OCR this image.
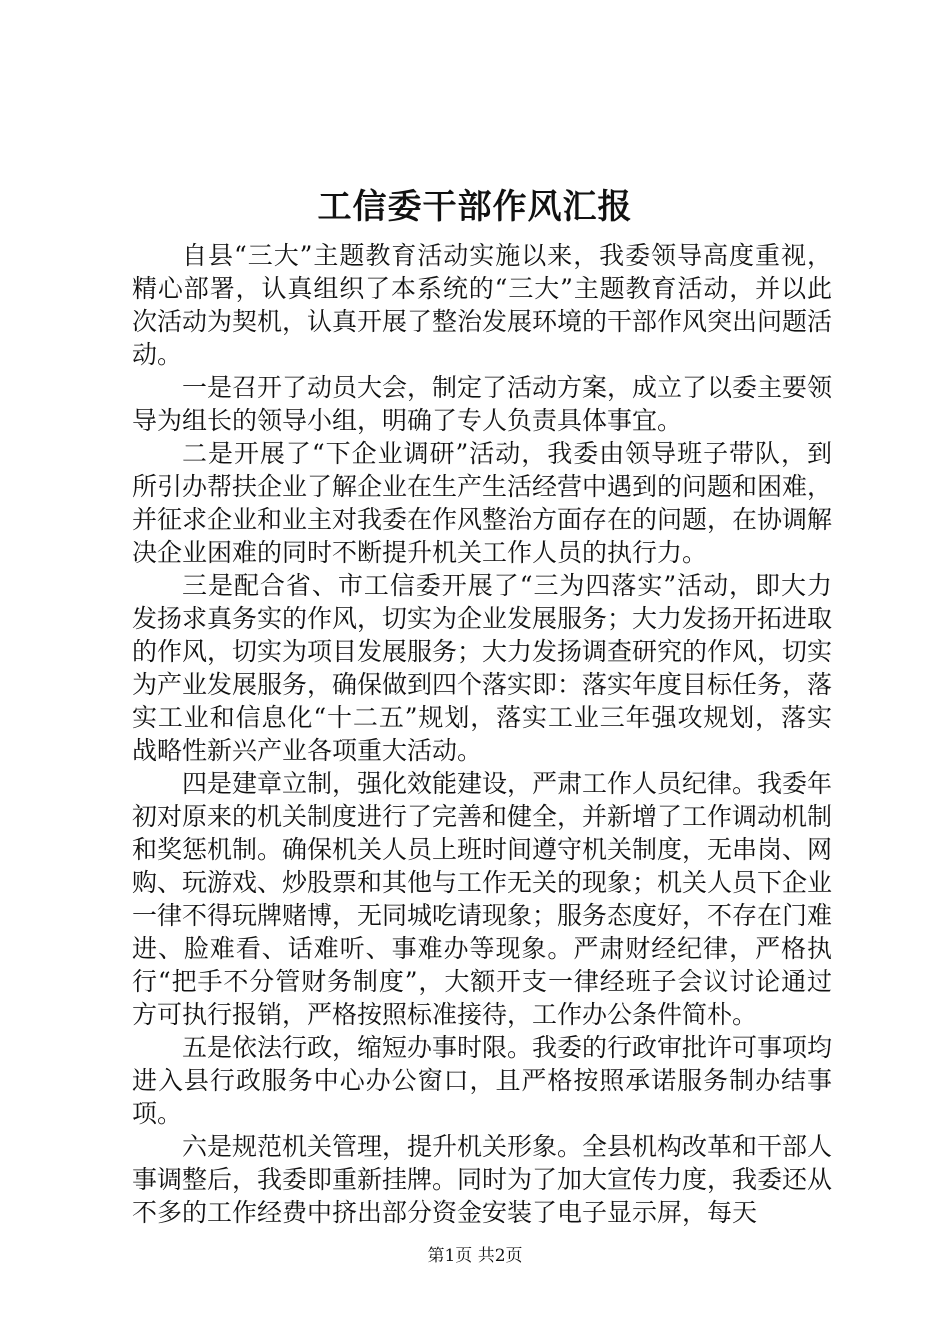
工信委干部作风汇报

自县“三大”主题教育活动实施以来，我委领导高度重视，精心部署，认真组织了本系统的“三大”主题教育活动，并以此次活动为契机，认真开展了整治发展环境的干部作风突出问题活动。

一是召开了动员大会，制定了活动方案，成立了以委主要领导为组长的领导小组，明确了专人负责具体事宜。

二是开展了“下企业调研”活动，我委由领导班子带队，到所引办帮扶企业了解企业在生产生活经营中遇到的问题和困难，并征求企业和业主对我委在作风整治方面存在的问题，在协调解决企业困难的同时不断提升机关工作人员的执行力。

三是配合省、市工信委开展了“三为四落实”活动，即大力发扬求真务实的作风，切实为企业发展服务；大力发扬开拓进取的作风，切实为项目发展服务；大力发扬调查研究的作风，切实为产业发展服务，确保做到四个落实即：落实年度目标任务，落实工业和信息化“十二五”规划，落实工业三年强攻规划，落实战略性新兴产业各项重大活动。

四是建章立制，强化效能建设，严肃工作人员纪律。我委年初对原来的机关制度进行了完善和健全，并新增了工作调动机制和奖惩机制。确保机关人员上班时间遵守机关制度，无串岗、网购、玩游戏、炒股票和其他与工作无关的现象；机关人员下企业一律不得玩牌赌博，无同城吃请现象；服务态度好，不存在门难进、脸难看、话难听、事难办等现象。严肃财经纪律，严格执行“把手不分管财务制度”，大额开支一律经班子会议讨论通过方可执行报销，严格按照标准接待，工作办公条件简朴。

五是依法行政，缩短办事时限。我委的行政审批许可事项均进入县行政服务中心办公窗口，且严格按照承诺服务制办结事项。

六是规范机关管理，提升机关形象。全县机构改革和干部人事调整后，我委即重新挂牌。同时为了加大宣传力度，我委还从不多的工作经费中挤出部分资金安装了电子显示屏，每天

第1页 共2页
